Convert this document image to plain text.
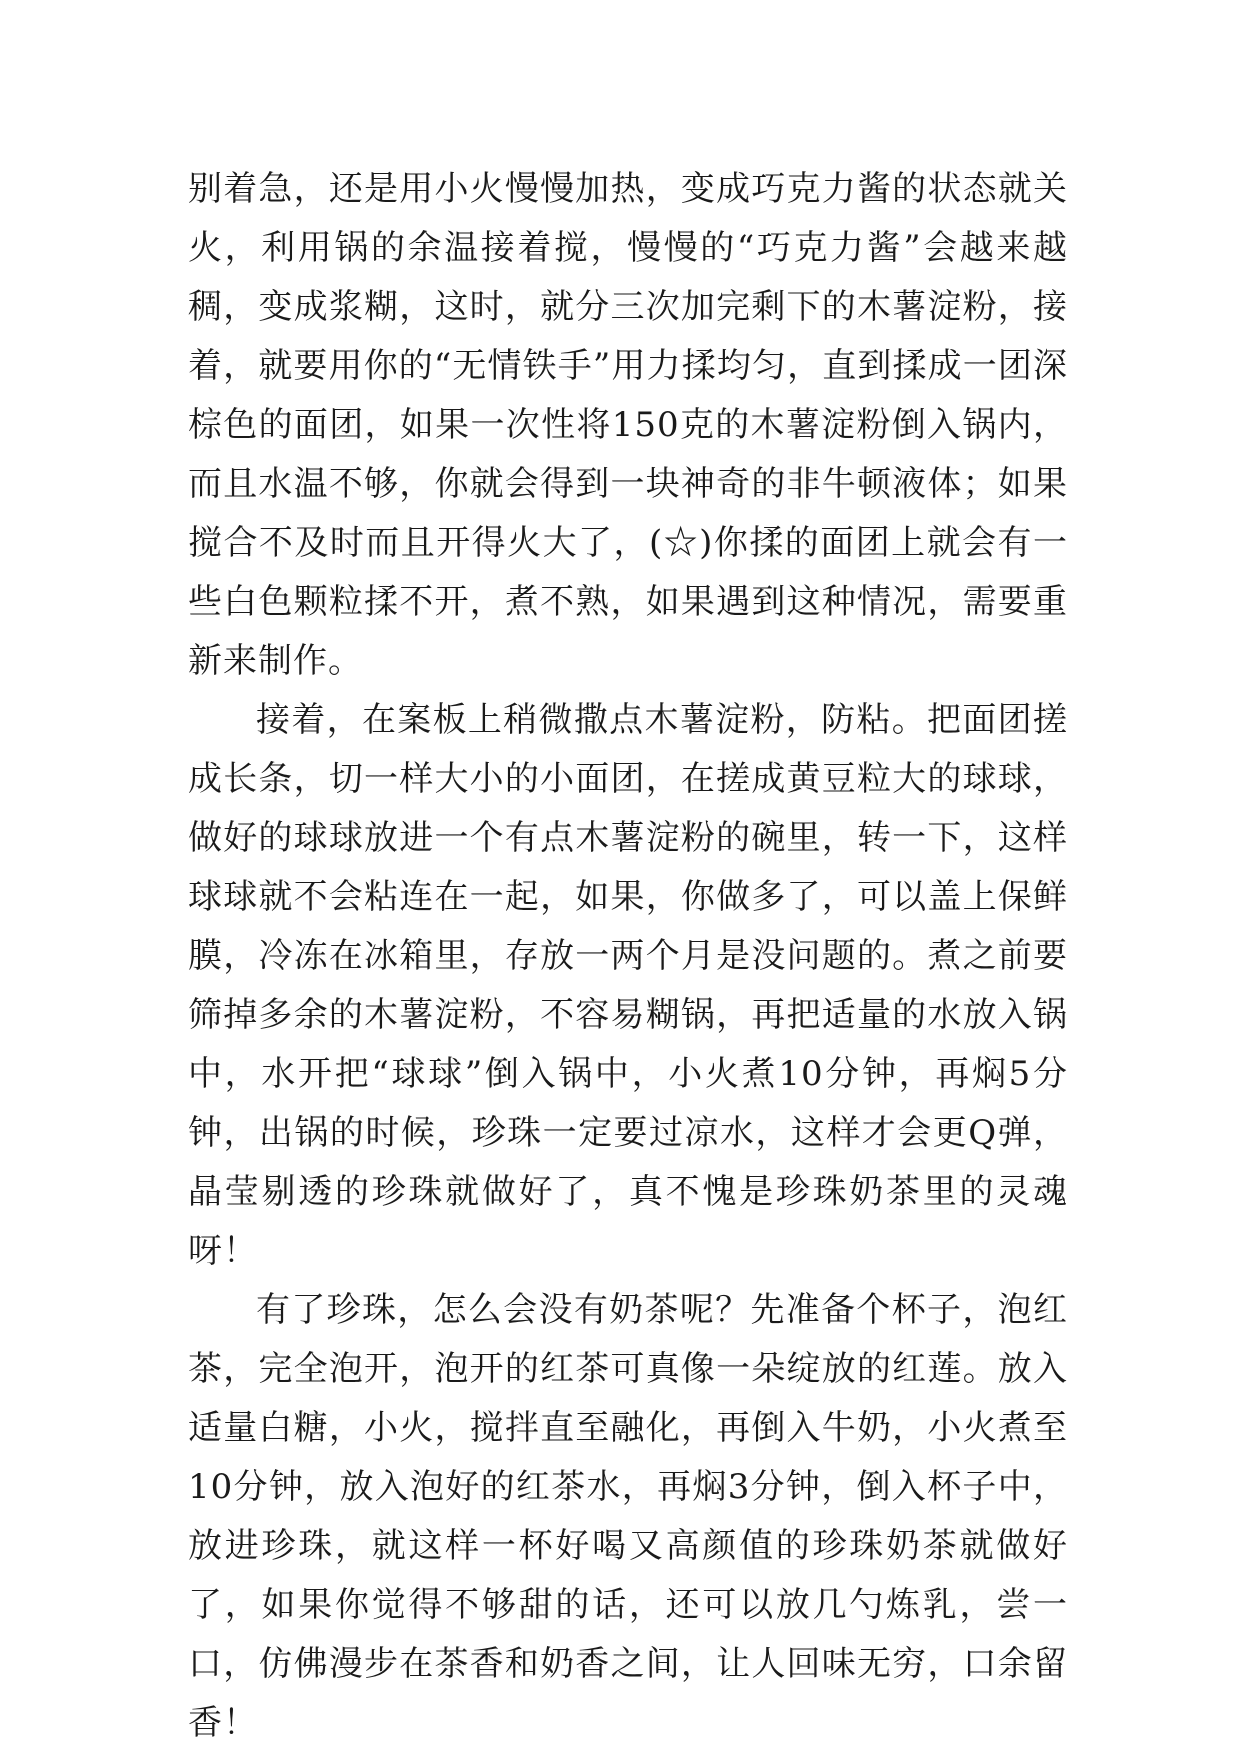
别着急，还是用小火慢慢加热，变成巧克力酱的状态就关火，利用锅的余温接着搅，慢慢的“巧克力酱”会越来越稠，变成浆糊，这时，就分三次加完剩下的木薯淀粉，接着，就要用你的“无情铁手”用力揉均匀，直到揉成一团深棕色的面团，如果一次性将150克的木薯淀粉倒入锅内，而且水温不够，你就会得到一块神奇的非牛顿液体；如果搅合不及时而且开得火大了，(☆)你揉的面团上就会有一些白色颗粒揉不开，煮不熟，如果遇到这种情况，需要重新来制作。

接着，在案板上稍微撒点木薯淀粉，防粘。把面团搓成长条，切一样大小的小面团，在搓成黄豆粒大的球球，做好的球球放进一个有点木薯淀粉的碗里，转一下，这样球球就不会粘连在一起，如果，你做多了，可以盖上保鲜膜，冷冻在冰箱里，存放一两个月是没问题的。煮之前要筛掉多余的木薯淀粉，不容易糊锅，再把适量的水放入锅中，水开把“球球”倒入锅中，小火煮10分钟，再焖5分钟，出锅的时候，珍珠一定要过凉水，这样才会更Q弹，晶莹剔透的珍珠就做好了，真不愧是珍珠奶茶里的灵魂呀！

有了珍珠，怎么会没有奶茶呢？先准备个杯子，泡红茶，完全泡开，泡开的红茶可真像一朵绽放的红莲。放入适量白糖，小火，搅拌直至融化，再倒入牛奶，小火煮至10分钟，放入泡好的红茶水，再焖3分钟，倒入杯子中，放进珍珠，就这样一杯好喝又高颜值的珍珠奶茶就做好了，如果你觉得不够甜的话，还可以放几勺炼乳，尝一口，仿佛漫步在茶香和奶香之间，让人回味无穷，口余留香！
